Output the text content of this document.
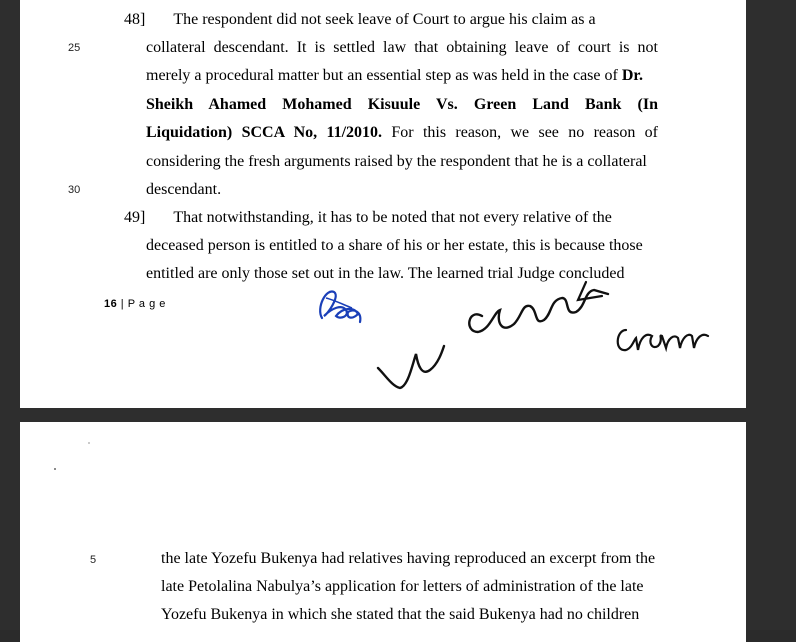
48]       The respondent did not seek leave of Court to argue his claim as a
25	collateral descendant. It is settled law that obtaining leave of court is not
merely a procedural matter but an essential step as was held in the case of Dr.
Sheikh Ahamed Mohamed Kisuule Vs. Green Land Bank (In
Liquidation) SCCA No, 11/2010. For this reason, we see no reason of
considering the fresh arguments raised by the respondent that he is a collateral
30	descendant.
49]       That notwithstanding, it has to be noted that not every relative of the
deceased person is entitled to a share of his or her estate, this is because those
entitled are only those set out in the law. The learned trial Judge concluded
16 | P a g e
5	the late Yozefu Bukenya had relatives having reproduced an excerpt from the
late Petolalina Nabulya’s application for letters of administration of the late
Yozefu Bukenya in which she stated that the said Bukenya had no children
